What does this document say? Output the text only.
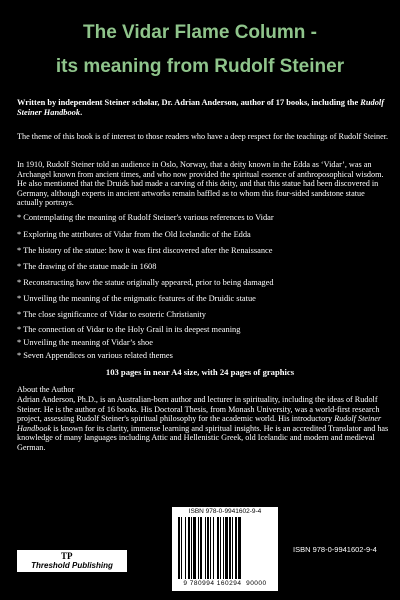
The Vidar Flame Column -
its meaning from Rudolf Steiner
Written by independent Steiner scholar, Dr. Adrian Anderson, author of 17 books, including the Rudolf Steiner Handbook.
The theme of this book is of interest to those readers who have a deep respect for the teachings of Rudolf Steiner.
In 1910, Rudolf Steiner told an audience in Oslo, Norway, that a deity known in the Edda as ‘Vidar’, was an Archangel known from ancient times, and who now provided the spiritual essence of anthroposophical wisdom. He also mentioned that the Druids had made a carving of this deity, and that this statue had been discovered in Germany, although experts in ancient artworks remain baffled as to whom this four-sided sandstone statue actually portrays.
* Contemplating the meaning of Rudolf Steiner's various references to Vidar
* Exploring the attributes of Vidar from the Old Icelandic of the Edda
* The history of the statue: how it was first discovered after the Renaissance
* The drawing of the statue made in 1608
* Reconstructing how the statue originally appeared, prior to being damaged
* Unveiling the meaning of the enigmatic features of the Druidic statue
* The close significance of Vidar to esoteric Christianity
* The connection of Vidar to the Holy Grail in its deepest meaning
* Unveiling the meaning of Vidar’s shoe
* Seven Appendices on various related themes
103 pages in near A4 size, with 24 pages of graphics
About the Author
Adrian Anderson, Ph.D., is an Australian-born author and lecturer in spirituality, including the ideas of Rudolf Steiner. He is the author of 16 books. His Doctoral Thesis, from Monash University, was a world-first research project, assessing Rudolf Steiner's spiritual philosophy for the academic world. His introductory Rudolf Steiner Handbook is known for its clarity, immense learning and spiritual insights. He is an accredited Translator and has knowledge of many languages including Attic and Hellenistic Greek, old Icelandic and modern and medieval German.
TP
Threshold Publishing
ISBN 978-0-9941602-9-4
9 780994 160294 90000
ISBN 978-0-9941602-9-4
